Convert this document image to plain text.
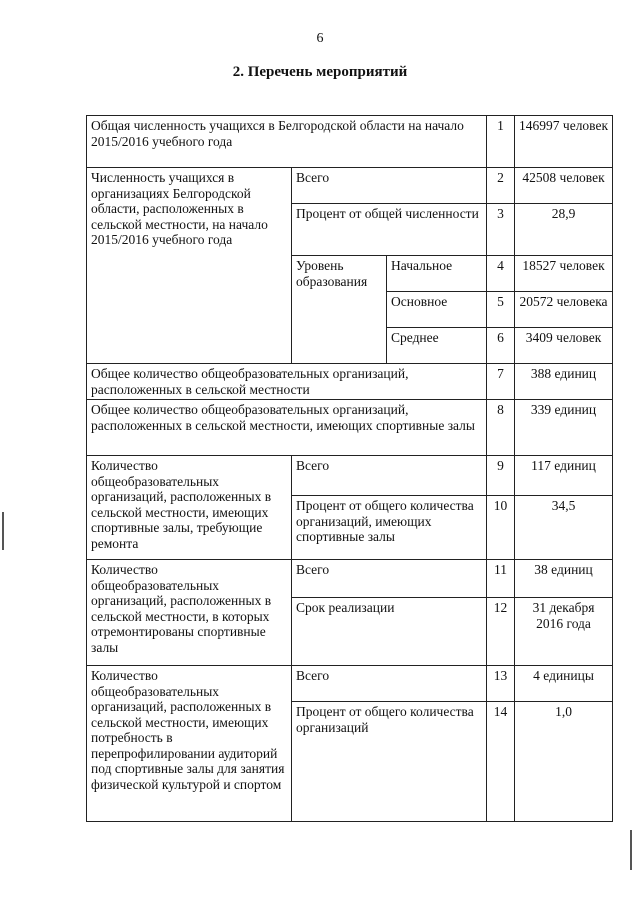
6
2. Перечень мероприятий
Общая численность учащихся в Белгородской области на начало 2015/2016 учебного года			1	146997 человек
Численность учащихся в организациях Белгородской области, расположенных в сельской местности, на начало 2015/2016 учебного года	Всего		2	42508 человек
	Процент от общей численности		3	28,9
	Уровень образования	Начальное	4	18527 человек
		Основное	5	20572 человека
		Среднее	6	3409 человек
Общее количество общеобразовательных организаций, расположенных в сельской местности			7	388 единиц
Общее количество общеобразовательных организаций, расположенных в сельской местности, имеющих спортивные залы			8	339 единиц
Количество общеобразовательных организаций, расположенных в сельской местности, имеющих спортивные залы, требующие ремонта	Всего		9	117 единиц
	Процент от общего количества организаций, имеющих спортивные залы		10	34,5
Количество общеобразовательных организаций, расположенных в сельской местности, в которых отремонтированы спортивные залы	Всего		11	38 единиц
	Срок реализации		12	31 декабря 2016 года
Количество общеобразовательных организаций, расположенных в сельской местности, имеющих потребность в перепрофилировании аудиторий под спортивные залы для занятия физической культурой и спортом	Всего		13	4 единицы
	Процент от общего количества организаций		14	1,0
